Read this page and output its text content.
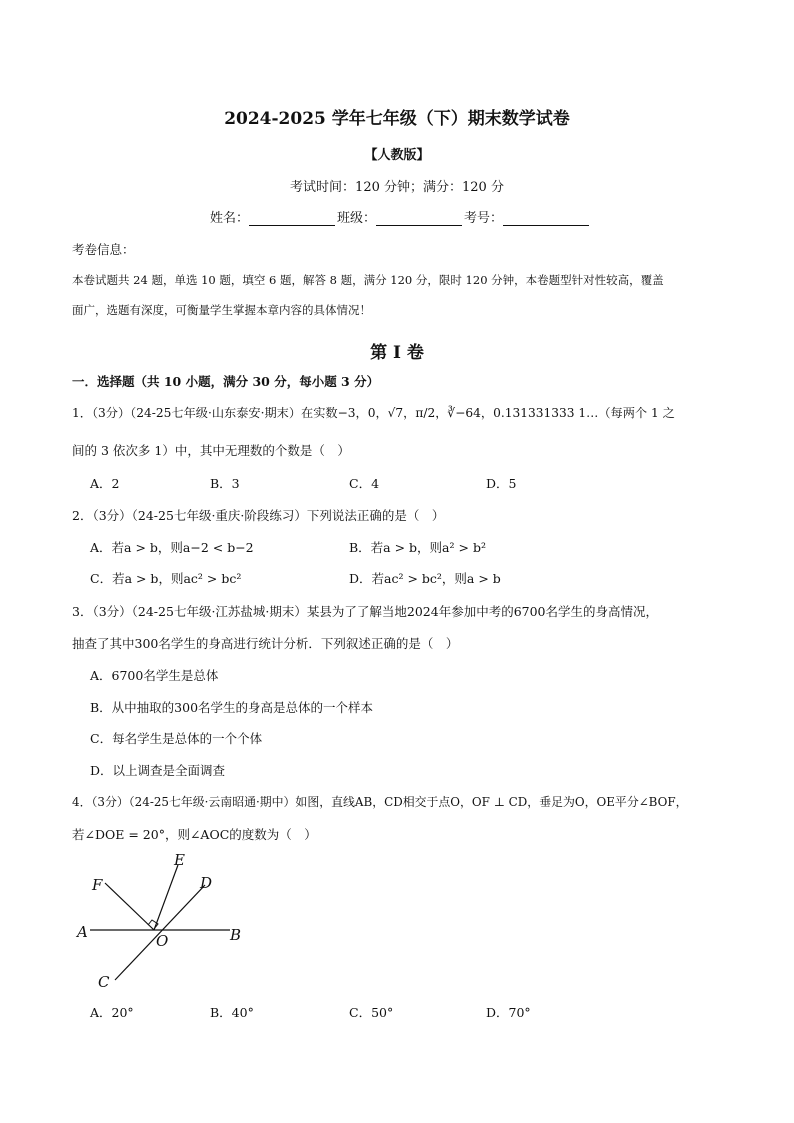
2024-2025 学年七年级（下）期末数学试卷
【人教版】
考试时间：120 分钟；满分：120 分
姓名：	班级：	考号：
考卷信息：
本卷试题共 24 题，单选 10 题，填空 6 题，解答 8 题，满分 120 分，限时 120 分钟，本卷题型针对性较高，覆盖
面广，选题有深度，可衡量学生掌握本章内容的具体情况！
第 I 卷
一．选择题（共 10 小题，满分 30 分，每小题 3 分）
1．（3分）（24-25七年级·山东泰安·期末）在实数−3，0，√7，π/2，∛−64，0.131331333 1…（每两个 1 之
间的 3 依次多 1）中，其中无理数的个数是（　）
A．2	B．3	C．4	D．5
2．（3分）（24-25七年级·重庆·阶段练习）下列说法正确的是（　）
A．若a > b，则a−2 < b−2	B．若a > b，则a² > b²
C．若a > b，则ac² > bc²	D．若ac² > bc²，则a > b
3．（3分）（24-25七年级·江苏盐城·期末）某县为了了解当地2024年参加中考的6700名学生的身高情况，
抽查了其中300名学生的身高进行统计分析．下列叙述正确的是（　）
A．6700名学生是总体
B．从中抽取的300名学生的身高是总体的一个样本
C．每名学生是总体的一个个体
D．以上调查是全面调查
4．（3分）（24-25七年级·云南昭通·期中）如图，直线AB，CD相交于点O，OF ⊥ CD，垂足为O，OE平分∠BOF，
若∠DOE = 20°，则∠AOC的度数为（　）
F
E
D
A	O	B
C
A．20°	B．40°	C．50°	D．70°
